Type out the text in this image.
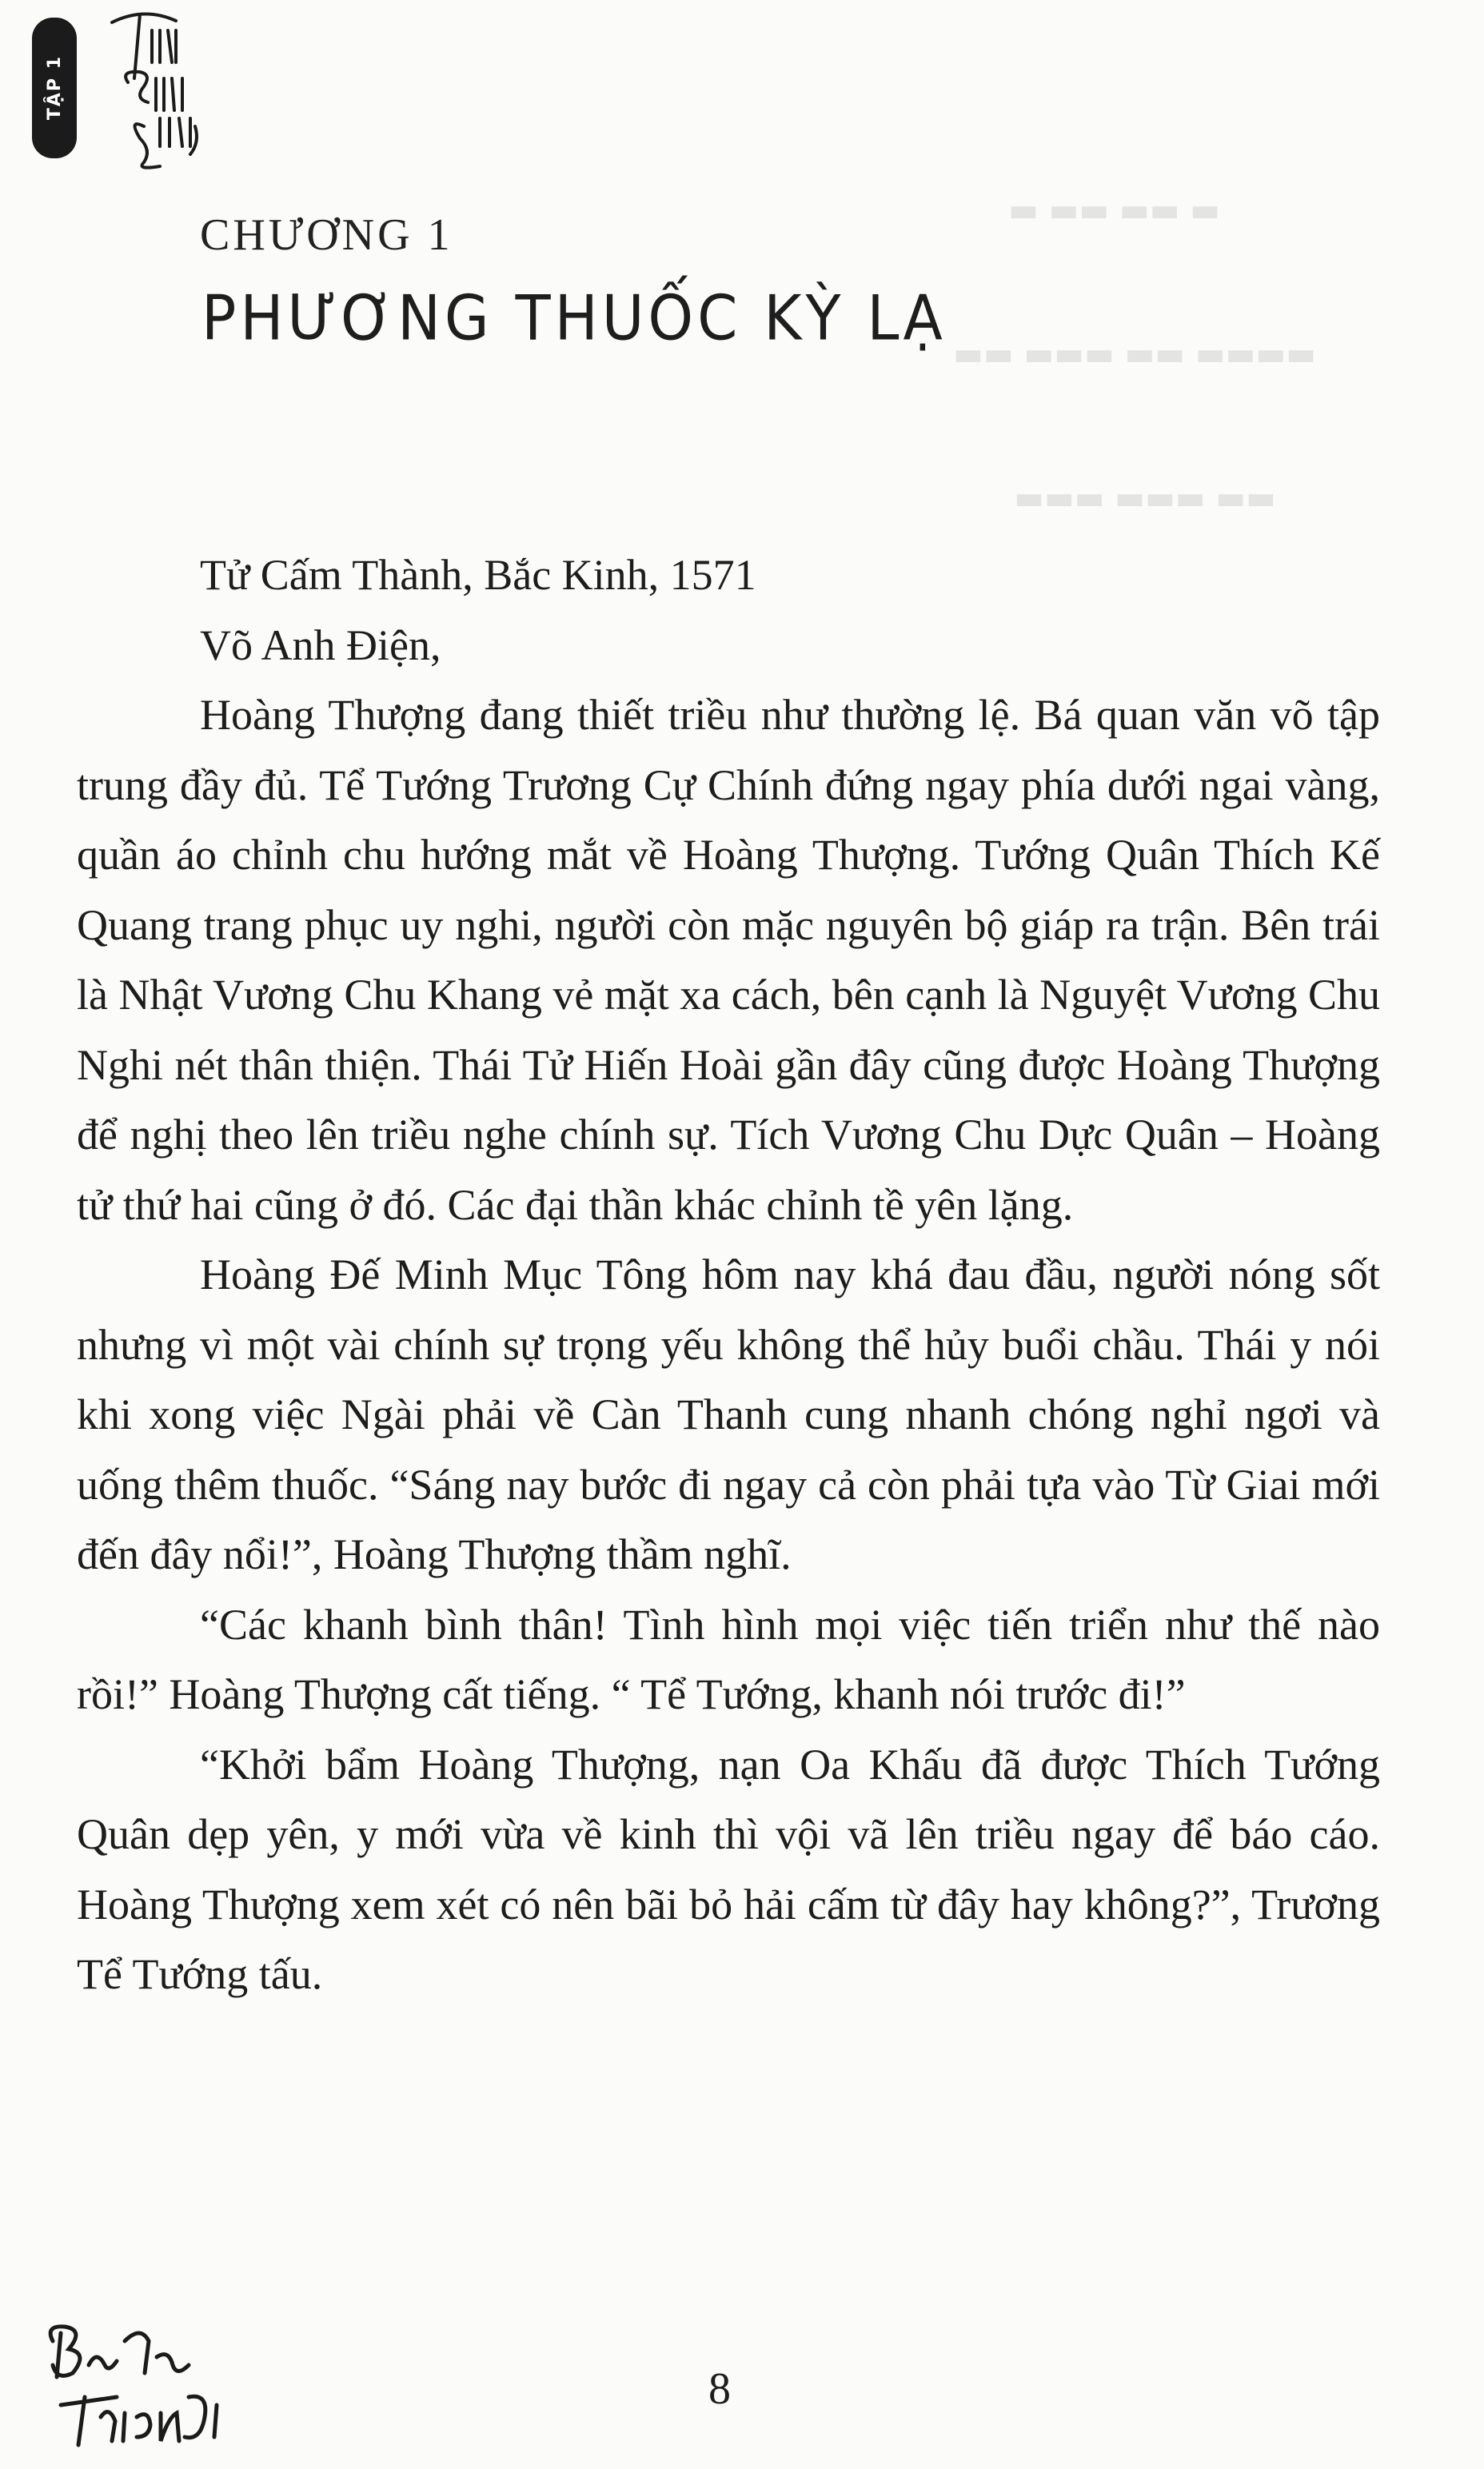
▬ ▬▬ ▬▬ ▬
▬▬▬▬ ▬▬ ▬▬▬ ▬▬
▬▬ ▬▬▬ ▬▬▬
TẬP 1
CHƯƠNG 1
PHƯƠNG THUỐC KỲ LẠ

Tử Cấm Thành, Bắc Kinh, 1571

Võ Anh Điện,

Hoàng Thượng đang thiết triều như thường lệ. Bá quan văn võ tập trung đầy đủ. Tể Tướng Trương Cự Chính đứng ngay phía dưới ngai vàng, quần áo chỉnh chu hướng mắt về Hoàng Thượng. Tướng Quân Thích Kế Quang trang phục uy nghi, người còn mặc nguyên bộ giáp ra trận. Bên trái là Nhật Vương Chu Khang vẻ mặt xa cách, bên cạnh là Nguyệt Vương Chu Nghi nét thân thiện. Thái Tử Hiến Hoài gần đây cũng được Hoàng Thượng để nghị theo lên triều nghe chính sự. Tích Vương Chu Dực Quân – Hoàng tử thứ hai cũng ở đó. Các đại thần khác chỉnh tề yên lặng.

Hoàng Đế Minh Mục Tông hôm nay khá đau đầu, người nóng sốt nhưng vì một vài chính sự trọng yếu không thể hủy buổi chầu. Thái y nói khi xong việc Ngài phải về Càn Thanh cung nhanh chóng nghỉ ngơi và uống thêm thuốc. “Sáng nay bước đi ngay cả còn phải tựa vào Từ Giai mới đến đây nổi!”, Hoàng Thượng thầm nghĩ.

“Các khanh bình thân! Tình hình mọi việc tiến triển như thế nào rồi!” Hoàng Thượng cất tiếng. “ Tể Tướng, khanh nói trước đi!”

“Khởi bẩm Hoàng Thượng, nạn Oa Khấu đã được Thích Tướng Quân dẹp yên, y mới vừa về kinh thì vội vã lên triều ngay để báo cáo. Hoàng Thượng xem xét có nên bãi bỏ hải cấm từ đây hay không?”, Trương Tể Tướng tấu.

8
